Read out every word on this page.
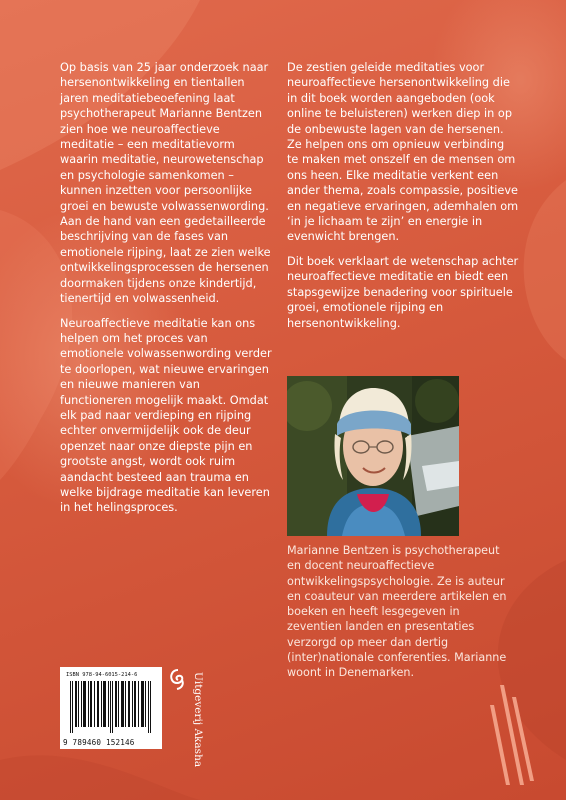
Op basis van 25 jaar onderzoek naar hersenontwikkeling en tientallen jaren meditatiebeoefening laat psychotherapeut Marianne Bentzen zien hoe we neuroaffectieve meditatie – een meditatievorm waarin meditatie, neurowetenschap en psychologie samenkomen – kunnen inzetten voor persoonlijke groei en bewuste volwassenwording. Aan de hand van een gedetailleerde beschrijving van de fases van emotionele rijping, laat ze zien welke ontwikkelingsprocessen de hersenen doormaken tijdens onze kindertijd, tienertijd en volwassenheid.

Neuroaffectieve meditatie kan ons helpen om het proces van emotionele volwassenwording verder te doorlopen, wat nieuwe ervaringen en nieuwe manieren van functioneren mogelijk maakt. Omdat elk pad naar verdieping en rijping echter onvermijdelijk ook de deur openzet naar onze diepste pijn en grootste angst, wordt ook ruim aandacht besteed aan trauma en welke bijdrage meditatie kan leveren in het helingsproces.

De zestien geleide meditaties voor neuroaffectieve hersenontwikkeling die in dit boek worden aangeboden (ook online te beluisteren) werken diep in op de onbewuste lagen van de hersenen. Ze helpen ons om opnieuw verbinding te maken met onszelf en de mensen om ons heen. Elke meditatie verkent een ander thema, zoals compassie, positieve en negatieve ervaringen, ademhalen om ‘in je lichaam te zijn’ en energie in evenwicht brengen.

Dit boek verklaart de wetenschap achter neuroaffectieve meditatie en biedt een stapsgewijze benadering voor spirituele groei, emotionele rijping en hersenontwikkeling.

Marianne Bentzen is psychotherapeut en docent neuroaffectieve ontwikkelingspsychologie. Ze is auteur en coauteur van meerdere artikelen en boeken en heeft lesgegeven in zeventien landen en presentaties verzorgd op meer dan dertig (inter)nationale conferenties. Marianne woont in Denemarken.
ISBN 978-94-6015-214-6
9 789460 152146	Uitgeverij Akasha
